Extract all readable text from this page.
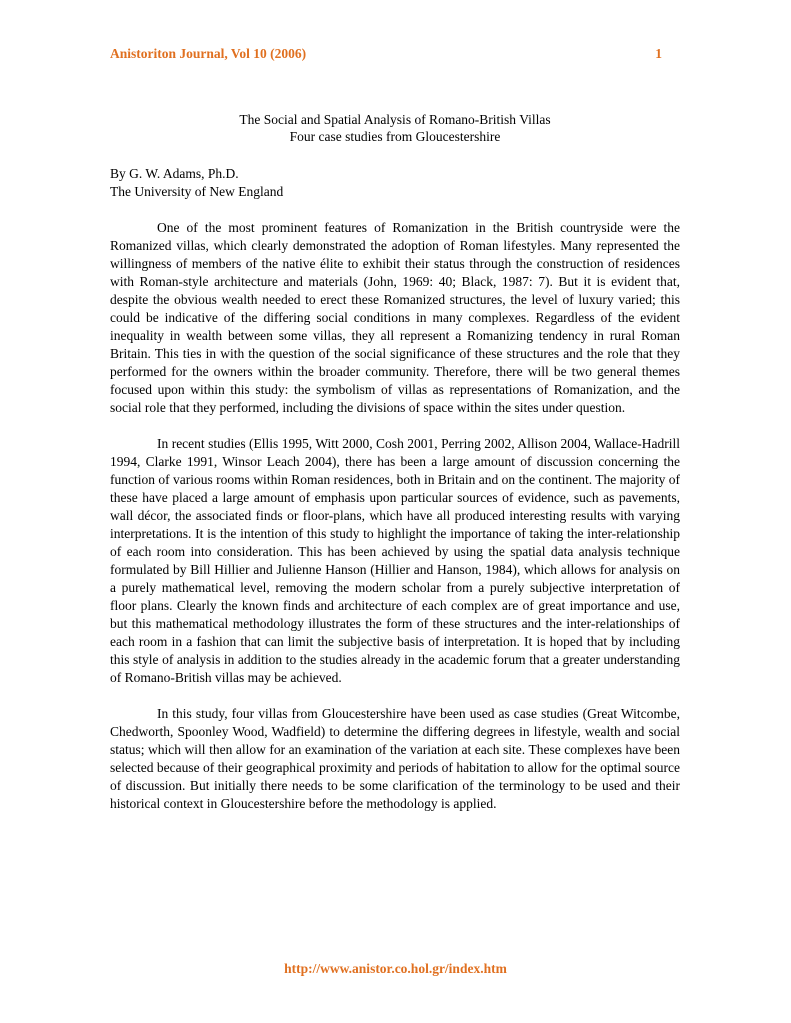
Anistoriton Journal, Vol 10 (2006)	1
The Social and Spatial Analysis of Romano-British Villas
Four case studies from Gloucestershire
By G. W. Adams, Ph.D.
The University of New England

One of the most prominent features of Romanization in the British countryside were the Romanized villas, which clearly demonstrated the adoption of Roman lifestyles. Many represented the willingness of members of the native élite to exhibit their status through the construction of residences with Roman-style architecture and materials (John, 1969: 40; Black, 1987: 7). But it is evident that, despite the obvious wealth needed to erect these Romanized structures, the level of luxury varied; this could be indicative of the differing social conditions in many complexes. Regardless of the evident inequality in wealth between some villas, they all represent a Romanizing tendency in rural Roman Britain. This ties in with the question of the social significance of these structures and the role that they performed for the owners within the broader community. Therefore, there will be two general themes focused upon within this study: the symbolism of villas as representations of Romanization, and the social role that they performed, including the divisions of space within the sites under question.

In recent studies (Ellis 1995, Witt 2000, Cosh 2001, Perring 2002, Allison 2004, Wallace-Hadrill 1994, Clarke 1991, Winsor Leach 2004), there has been a large amount of discussion concerning the function of various rooms within Roman residences, both in Britain and on the continent. The majority of these have placed a large amount of emphasis upon particular sources of evidence, such as pavements, wall décor, the associated finds or floor-plans, which have all produced interesting results with varying interpretations. It is the intention of this study to highlight the importance of taking the inter-relationship of each room into consideration. This has been achieved by using the spatial data analysis technique formulated by Bill Hillier and Julienne Hanson (Hillier and Hanson, 1984), which allows for analysis on a purely mathematical level, removing the modern scholar from a purely subjective interpretation of floor plans. Clearly the known finds and architecture of each complex are of great importance and use, but this mathematical methodology illustrates the form of these structures and the inter-relationships of each room in a fashion that can limit the subjective basis of interpretation. It is hoped that by including this style of analysis in addition to the studies already in the academic forum that a greater understanding of Romano-British villas may be achieved.

In this study, four villas from Gloucestershire have been used as case studies (Great Witcombe, Chedworth, Spoonley Wood, Wadfield) to determine the differing degrees in lifestyle, wealth and social status; which will then allow for an examination of the variation at each site. These complexes have been selected because of their geographical proximity and periods of habitation to allow for the optimal source of discussion. But initially there needs to be some clarification of the terminology to be used and their historical context in Gloucestershire before the methodology is applied.

http://www.anistor.co.hol.gr/index.htm
